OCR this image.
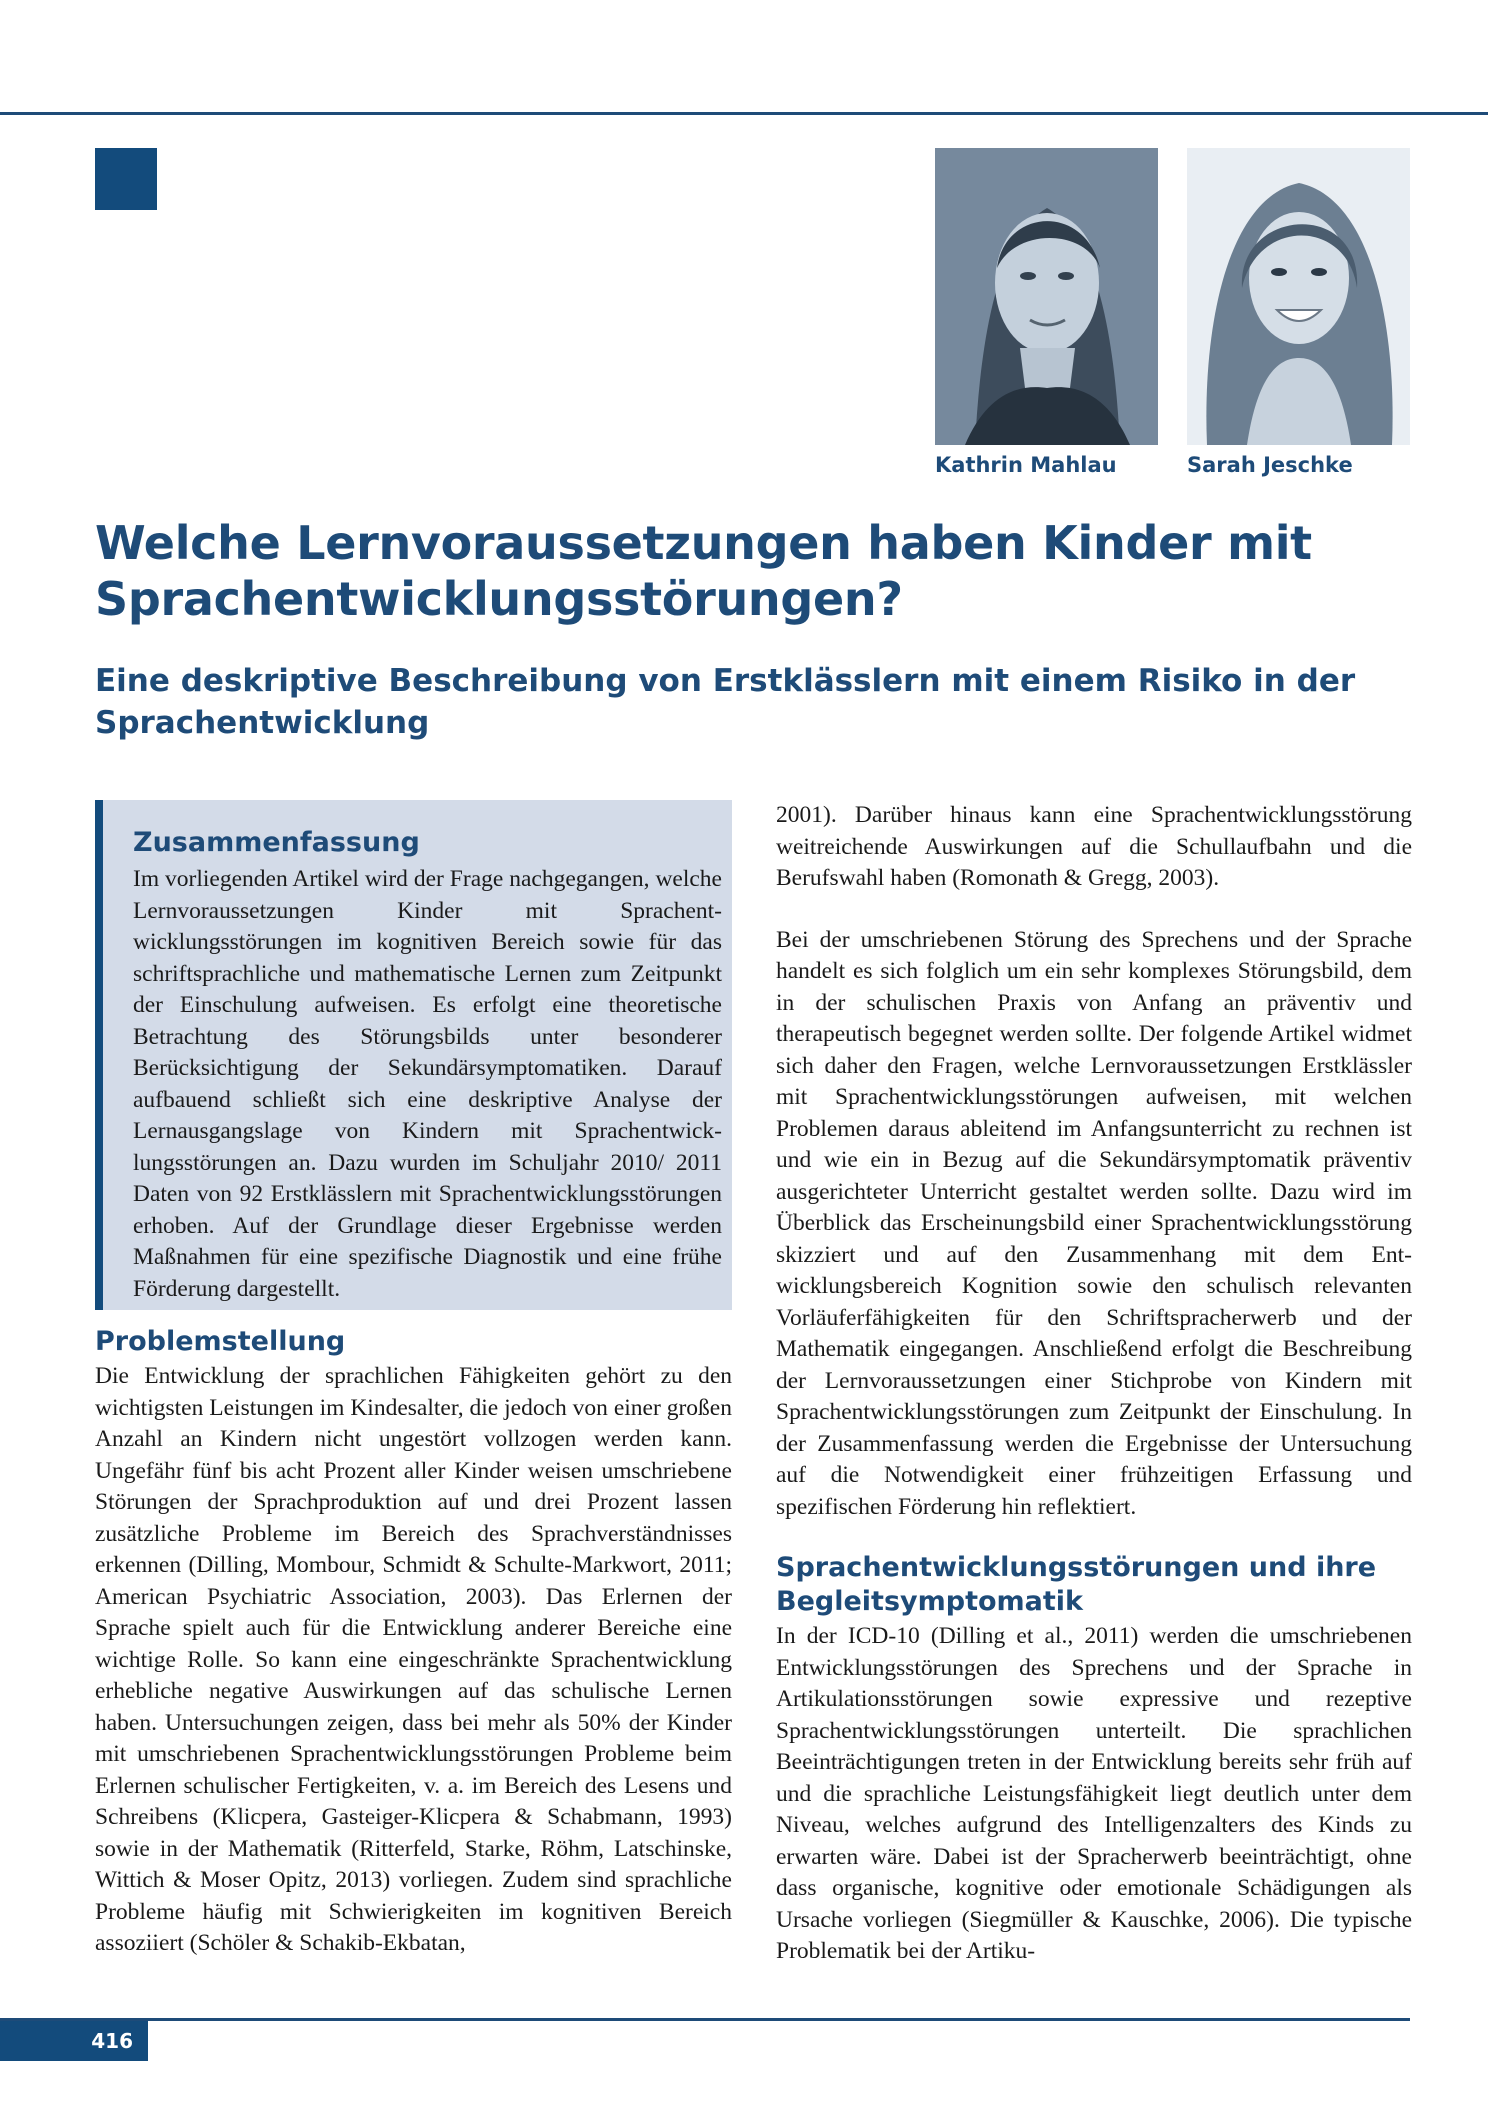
Kathrin Mahlau	Sarah Jeschke
Welche Lernvoraussetzungen haben Kinder mit Sprachentwicklungsstörungen?
Eine deskriptive Beschreibung von Erstklässlern mit einem Risiko in der Sprachentwicklung
Zusammenfassung

Im vorliegenden Artikel wird der Frage nachgegangen, welche Lernvoraussetzungen Kinder mit Sprachentwicklungsstörungen im kognitiven Bereich sowie für das schriftsprachliche und mathematische Lernen zum Zeitpunkt der Einschulung aufweisen. Es erfolgt eine theoretische Betrachtung des Störungsbilds unter besonderer Berücksichtigung der Sekundärsymptomatiken. Darauf aufbauend schließt sich eine deskriptive Analyse der Lernausgangslage von Kindern mit Sprachentwicklungsstörungen an. Dazu wurden im Schuljahr 2010/ 2011 Daten von 92 Erstklässlern mit Sprachentwicklungsstörungen erhoben. Auf der Grundlage dieser Ergebnisse werden Maßnahmen für eine spezifische Diagnostik und eine frühe Förderung dargestellt.

Problemstellung

Die Entwicklung der sprachlichen Fähigkeiten gehört zu den wichtigsten Leistungen im Kindesalter, die jedoch von einer großen Anzahl an Kindern nicht ungestört vollzogen werden kann. Ungefähr fünf bis acht Prozent aller Kinder weisen umschriebene Störungen der Sprachproduktion auf und drei Prozent lassen zusätzliche Probleme im Bereich des Sprachverständnisses erkennen (Dilling, Mombour, Schmidt & Schulte-Markwort, 2011; American Psychiatric Association, 2003). Das Erlernen der Sprache spielt auch für die Entwicklung anderer Bereiche eine wichtige Rolle. So kann eine eingeschränkte Sprachentwicklung erhebliche negative Auswirkungen auf das schulische Lernen haben. Untersuchungen zeigen, dass bei mehr als 50% der Kinder mit umschriebenen Sprachentwicklungsstörungen Probleme beim Erlernen schulischer Fertigkeiten, v. a. im Bereich des Lesens und Schreibens (Klicpera, Gasteiger-Klicpera & Schabmann, 1993) sowie in der Mathematik (Ritterfeld, Starke, Röhm, Latschinske, Wittich & Moser Opitz, 2013) vorliegen. Zudem sind sprachliche Probleme häufig mit Schwierigkeiten im kognitiven Bereich assoziiert (Schöler & Schakib-Ekbatan,

2001). Darüber hinaus kann eine Sprachentwicklungsstörung weitreichende Auswirkungen auf die Schullaufbahn und die Berufswahl haben (Romonath & Gregg, 2003).

Bei der umschriebenen Störung des Sprechens und der Sprache handelt es sich folglich um ein sehr komplexes Störungsbild, dem in der schulischen Praxis von Anfang an präventiv und therapeutisch begegnet werden sollte. Der folgende Artikel widmet sich daher den Fragen, welche Lernvoraussetzungen Erstklässler mit Sprachentwicklungsstörungen aufweisen, mit welchen Problemen daraus ableitend im Anfangsunterricht zu rechnen ist und wie ein in Bezug auf die Sekundärsymptomatik präventiv ausgerichteter Unterricht gestaltet werden sollte. Dazu wird im Überblick das Erscheinungsbild einer Sprachentwicklungsstörung skizziert und auf den Zusammenhang mit dem Entwicklungsbereich Kognition sowie den schulisch relevanten Vorläuferfähigkeiten für den Schriftspracherwerb und der Mathematik eingegangen. Anschließend erfolgt die Beschreibung der Lernvoraussetzungen einer Stichprobe von Kindern mit Sprachentwicklungsstörungen zum Zeitpunkt der Einschulung. In der Zusammenfassung werden die Ergebnisse der Untersuchung auf die Notwendigkeit einer frühzeitigen Erfassung und spezifischen Förderung hin reflektiert.

Sprachentwicklungsstörungen und ihre Begleitsymptomatik

In der ICD-10 (Dilling et al., 2011) werden die umschriebenen Entwicklungsstörungen des Sprechens und der Sprache in Artikulationsstörungen sowie expressive und rezeptive Sprachentwicklungsstörungen unterteilt. Die sprachlichen Beeinträchtigungen treten in der Entwicklung bereits sehr früh auf und die sprachliche Leistungsfähigkeit liegt deutlich unter dem Niveau, welches aufgrund des Intelligenzalters des Kinds zu erwarten wäre. Dabei ist der Spracherwerb beeinträchtigt, ohne dass organische, kognitive oder emotionale Schädigungen als Ursache vorliegen (Siegmüller & Kauschke, 2006). Die typische Problematik bei der Artiku-

416
